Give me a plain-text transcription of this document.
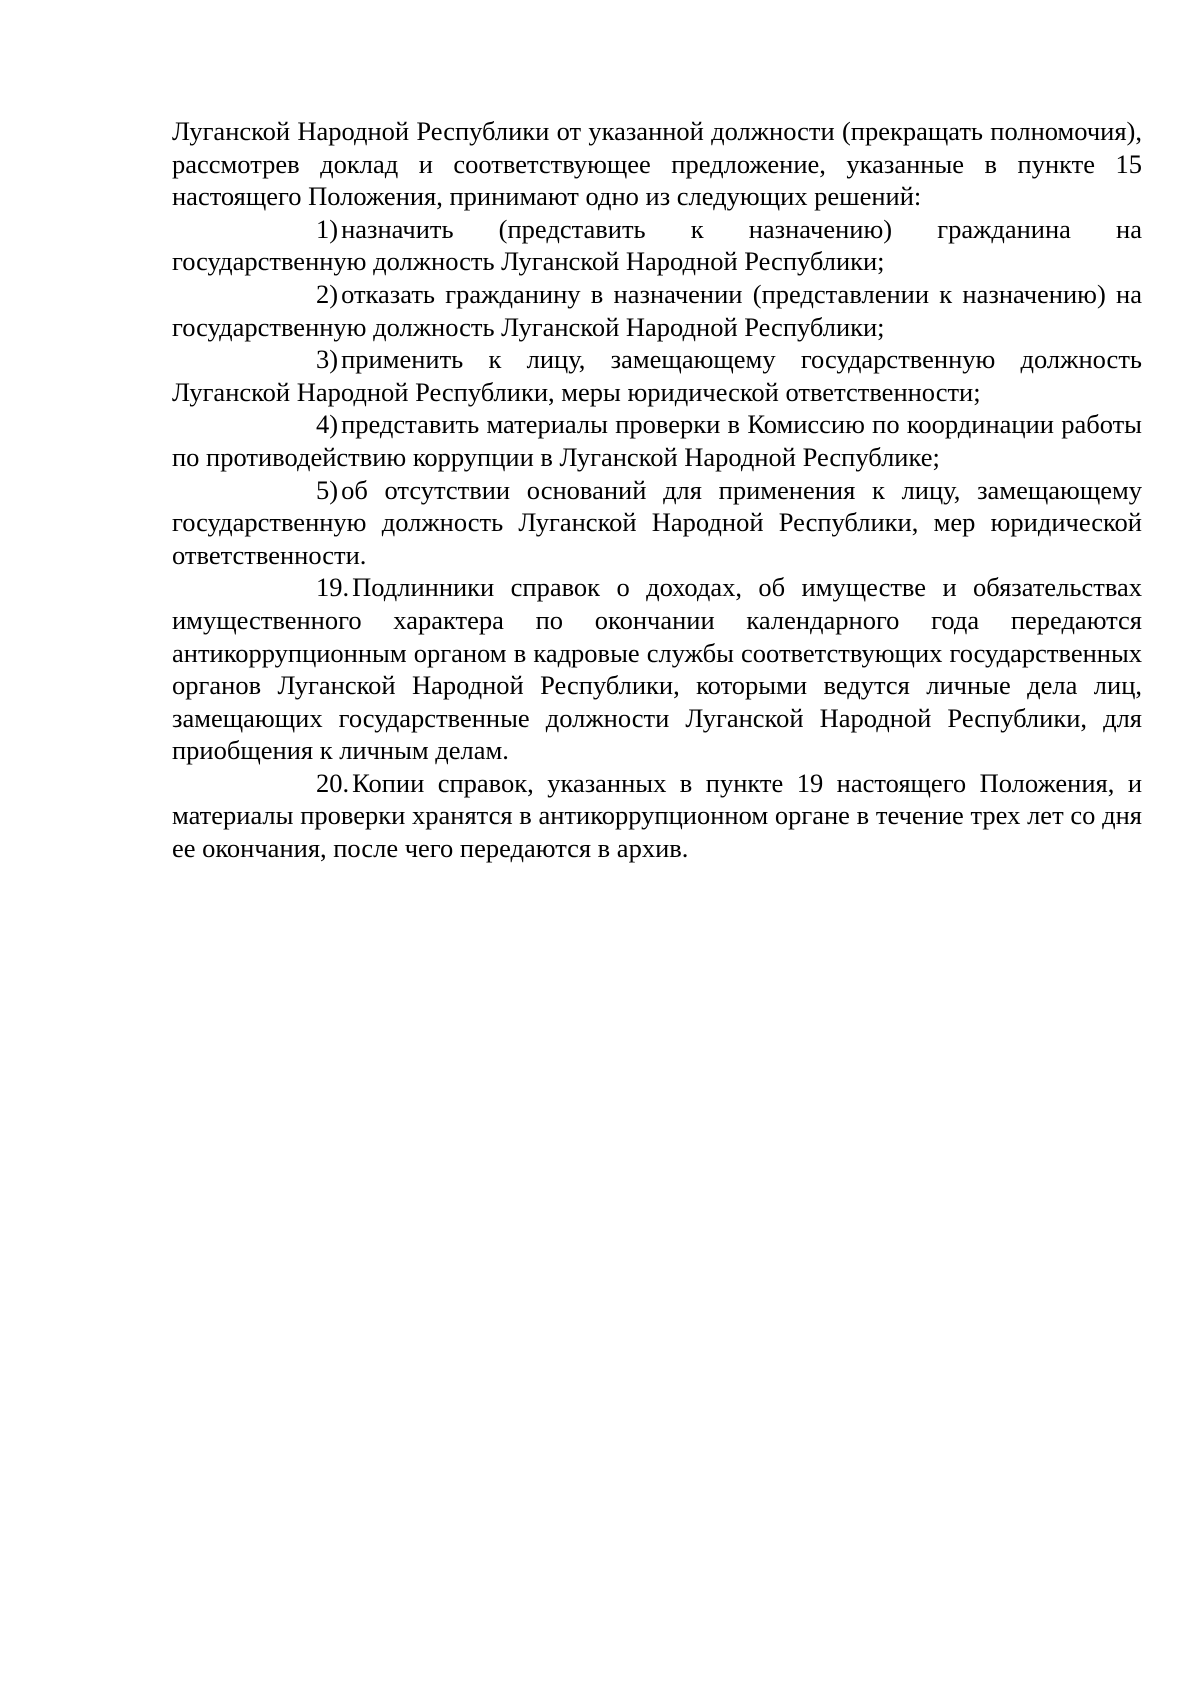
Луганской Народной Республики от указанной должности (прекращать полномочия), рассмотрев доклад и соответствующее предложение, указанные в пункте 15 настоящего Положения, принимают одно из следующих решений:

1) назначить (представить к назначению) гражданина на государственную должность Луганской Народной Республики;

2) отказать гражданину в назначении (представлении к назначению) на государственную должность Луганской Народной Республики;

3) применить к лицу, замещающему государственную должность Луганской Народной Республики, меры юридической ответственности;

4) представить материалы проверки в Комиссию по координации работы по противодействию коррупции в Луганской Народной Республике;

5) об отсутствии оснований для применения к лицу, замещающему государственную должность Луганской Народной Республики, мер юридической ответственности.

19. Подлинники справок о доходах, об имуществе и обязательствах имущественного характера по окончании календарного года передаются антикоррупционным органом в кадровые службы соответствующих государственных органов Луганской Народной Республики, которыми ведутся личные дела лиц, замещающих государственные должности Луганской Народной Республики, для приобщения к личным делам.

20. Копии справок, указанных в пункте 19 настоящего Положения, и материалы проверки хранятся в антикоррупционном органе в течение трех лет со дня ее окончания, после чего передаются в архив.
